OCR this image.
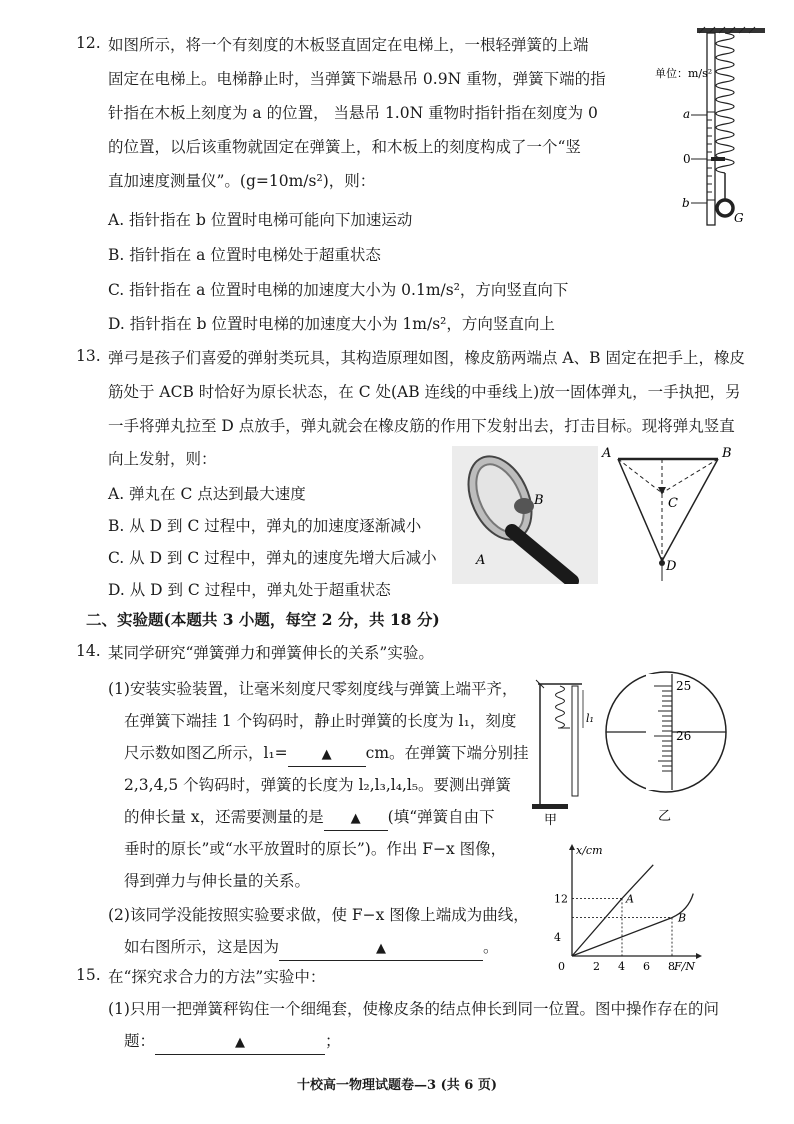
12. 如图所示，将一个有刻度的木板竖直固定在电梯上，一根轻弹簧的上端
固定在电梯上。电梯静止时，当弹簧下端悬吊 0.9N 重物，弹簧下端的指
针指在木板上刻度为 a 的位置， 当悬吊 1.0N 重物时指针指在刻度为 0
的位置，以后该重物就固定在弹簧上，和木板上的刻度构成了一个“竖
直加速度测量仪”。(g=10m/s²)，则：
A. 指针指在 b 位置时电梯可能向下加速运动
B. 指针指在 a 位置时电梯处于超重状态
C. 指针指在 a 位置时电梯的加速度大小为 0.1m/s²，方向竖直向下
D. 指针指在 b 位置时电梯的加速度大小为 1m/s²，方向竖直向上
单位：m/s²
a
0
b
G
13. 弹弓是孩子们喜爱的弹射类玩具，其构造原理如图，橡皮筋两端点 A、B 固定在把手上，橡皮
筋处于 ACB 时恰好为原长状态，在 C 处(AB 连线的中垂线上)放一固体弹丸，一手执把，另
一手将弹丸拉至 D 点放手，弹丸就会在橡皮筋的作用下发射出去，打击目标。现将弹丸竖直
向上发射，则：
A. 弹丸在 C 点达到最大速度
B. 从 D 到 C 过程中，弹丸的加速度逐渐减小
C. 从 D 到 C 过程中，弹丸的速度先增大后减小
D. 从 D 到 C 过程中，弹丸处于超重状态
B
A
A	B
C
D
二、实验题(本题共 3 小题，每空 2 分，共 18 分)
14. 某同学研究“弹簧弹力和弹簧伸长的关系”实验。
(1)安装实验装置，让毫米刻度尺零刻度线与弹簧上端平齐，
在弹簧下端挂 1 个钩码时，静止时弹簧的长度为 l₁，刻度
尺示数如图乙所示，l₁=	▲ cm。在弹簧下端分别挂
2,3,4,5 个钩码时，弹簧的长度为 l₂,l₃,l₄,l₅。要测出弹簧
的伸长量 x，还需要测量的是 ▲ (填“弹簧自由下
垂时的原长”或“水平放置时的原长”)。作出 F−x 图像，
得到弹力与伸长量的关系。
(2)该同学没能按照实验要求做，使 F−x 图像上端成为曲线，
如右图所示，这是因为	▲	。
l₁
甲
25
26
乙
0	2 4 6 8
4
12
x/cm
F/N
A
B
15. 在“探究求合力的方法”实验中：
(1)只用一把弹簧秤钩住一个细绳套，使橡皮条的结点伸长到同一位置。图中操作存在的问
题：	▲	；
十校高一物理试题卷—3 (共 6 页)
